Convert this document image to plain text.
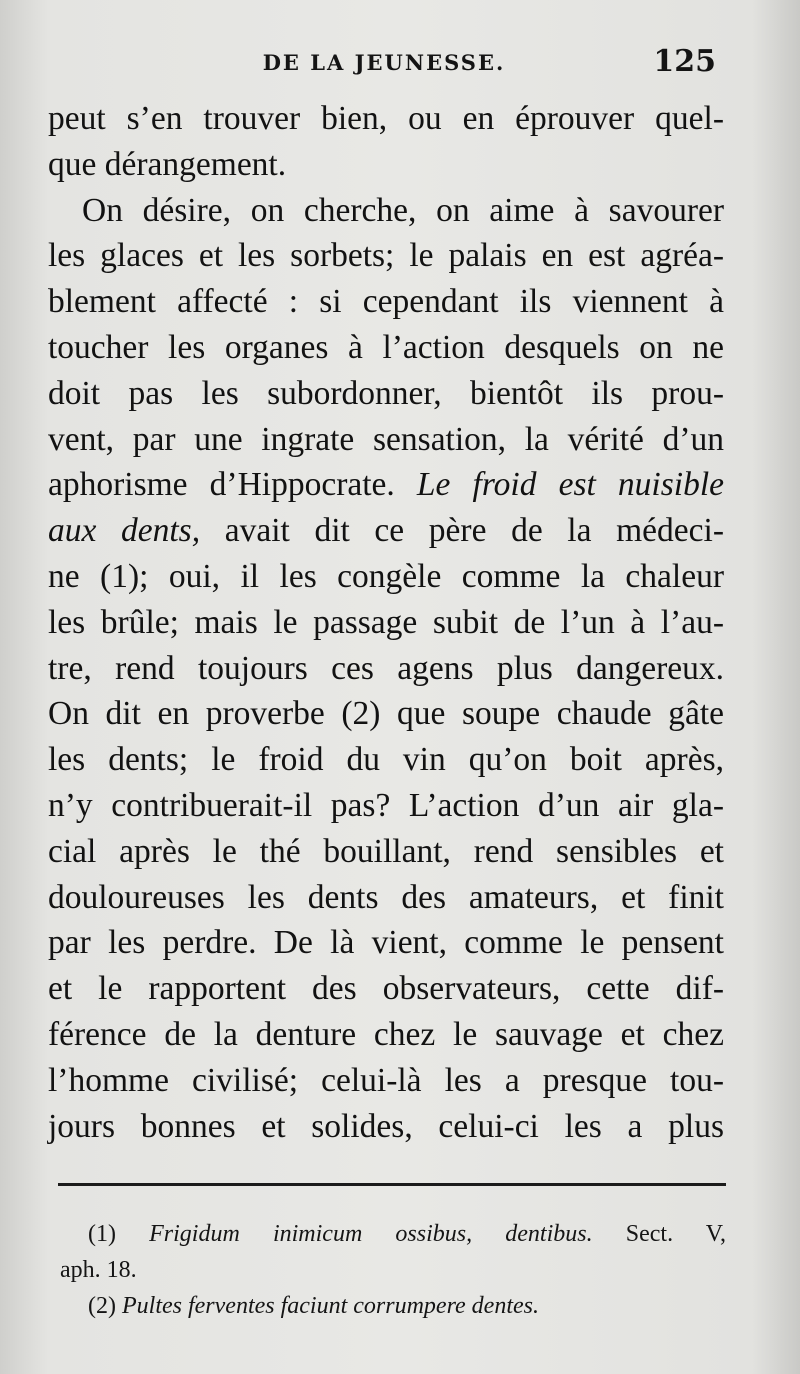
DE LA JEUNESSE.	125
peut s’en trouver bien, ou en éprouver quel-
que dérangement.
On désire, on cherche, on aime à savourer
les glaces et les sorbets; le palais en est agréa-
blement affecté : si cependant ils viennent à
toucher les organes à l’action desquels on ne
doit pas les subordonner, bientôt ils prou-
vent, par une ingrate sensation, la vérité d’un
aphorisme d’Hippocrate. Le froid est nuisible
aux dents, avait dit ce père de la médeci-
ne (1); oui, il les congèle comme la chaleur
les brûle; mais le passage subit de l’un à l’au-
tre, rend toujours ces agens plus dangereux.
On dit en proverbe (2) que soupe chaude gâte
les dents; le froid du vin qu’on boit après,
n’y contribuerait-il pas? L’action d’un air gla-
cial après le thé bouillant, rend sensibles et
douloureuses les dents des amateurs, et finit
par les perdre. De là vient, comme le pensent
et le rapportent des observateurs, cette dif-
férence de la denture chez le sauvage et chez
l’homme civilisé; celui-là les a presque tou-
jours bonnes et solides, celui-ci les a plus
(1) Frigidum inimicum ossibus, dentibus. Sect. V,
aph. 18.
(2) Pultes ferventes faciunt corrumpere dentes.
